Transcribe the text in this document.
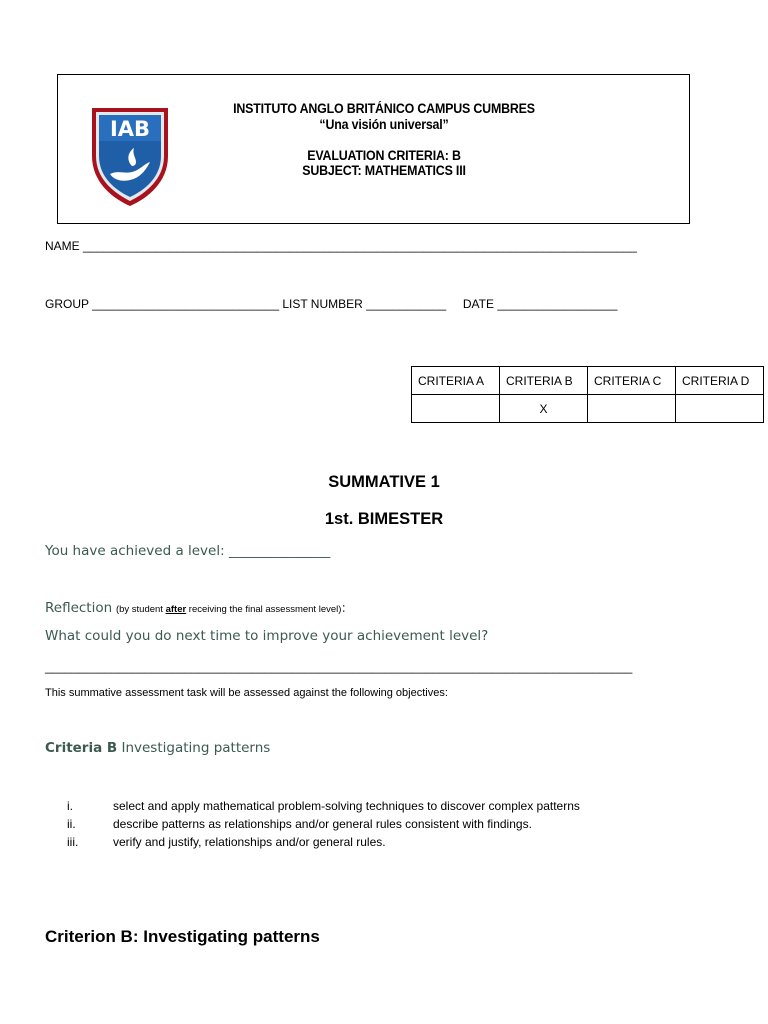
IAB
INSTITUTO ANGLO BRITÁNICO CAMPUS CUMBRES
“Una visión universal”
EVALUATION CRITERIA: B
SUBJECT: MATHEMATICS III
NAME ___________________________________________________________________________________
GROUP ____________________________ LIST NUMBER ____________     DATE __________________
CRITERIA A	CRITERIA B	CRITERIA C	CRITERIA D
	X		
SUMMATIVE 1
1st. BIMESTER
You have achieved a level: _______________
Reflection (by student after receiving the final assessment level):
What could you do next time to improve your achievement level?
________________________________________________________________________________________
This summative assessment task will be assessed against the following objectives:
Criteria B Investigating patterns
i.	select and apply mathematical problem-solving techniques to discover complex patterns
ii.	describe patterns as relationships and/or general rules consistent with findings.
iii.	verify and justify, relationships and/or general rules.
Criterion B: Investigating patterns
